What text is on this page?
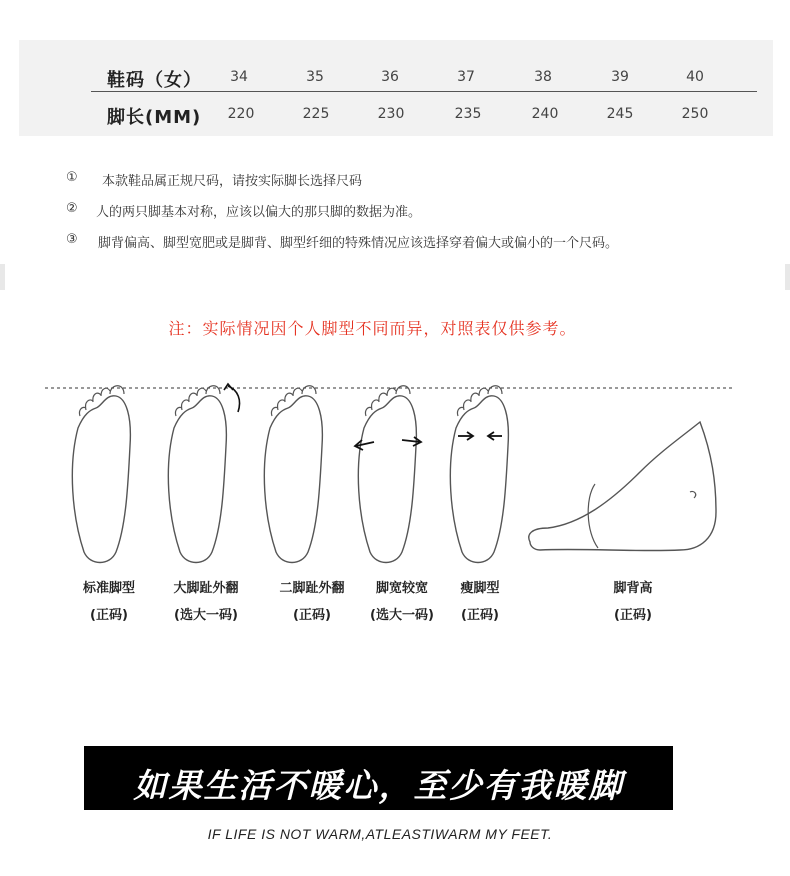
鞋码（女）	34	35	36	37	38	39	40
脚长(MM)	220	225	230	235	240	245	250
①	本款鞋品属正规尺码，请按实际脚长选择尺码
②	人的两只脚基本对称，应该以偏大的那只脚的数据为准。
③	脚背偏高、脚型宽肥或是脚背、脚型纤细的特殊情况应该选择穿着偏大或偏小的一个尺码。
注：实际情况因个人脚型不同而异，对照表仅供参考。
标准脚型
(正码)
大脚趾外翻
(选大一码)
二脚趾外翻
(正码)
脚宽较宽
(选大一码)
瘦脚型
(正码)
脚背高
(正码)
如果生活不暖心，至少有我暖脚
IF LIFE IS NOT WARM,ATLEASTIWARM MY FEET.
